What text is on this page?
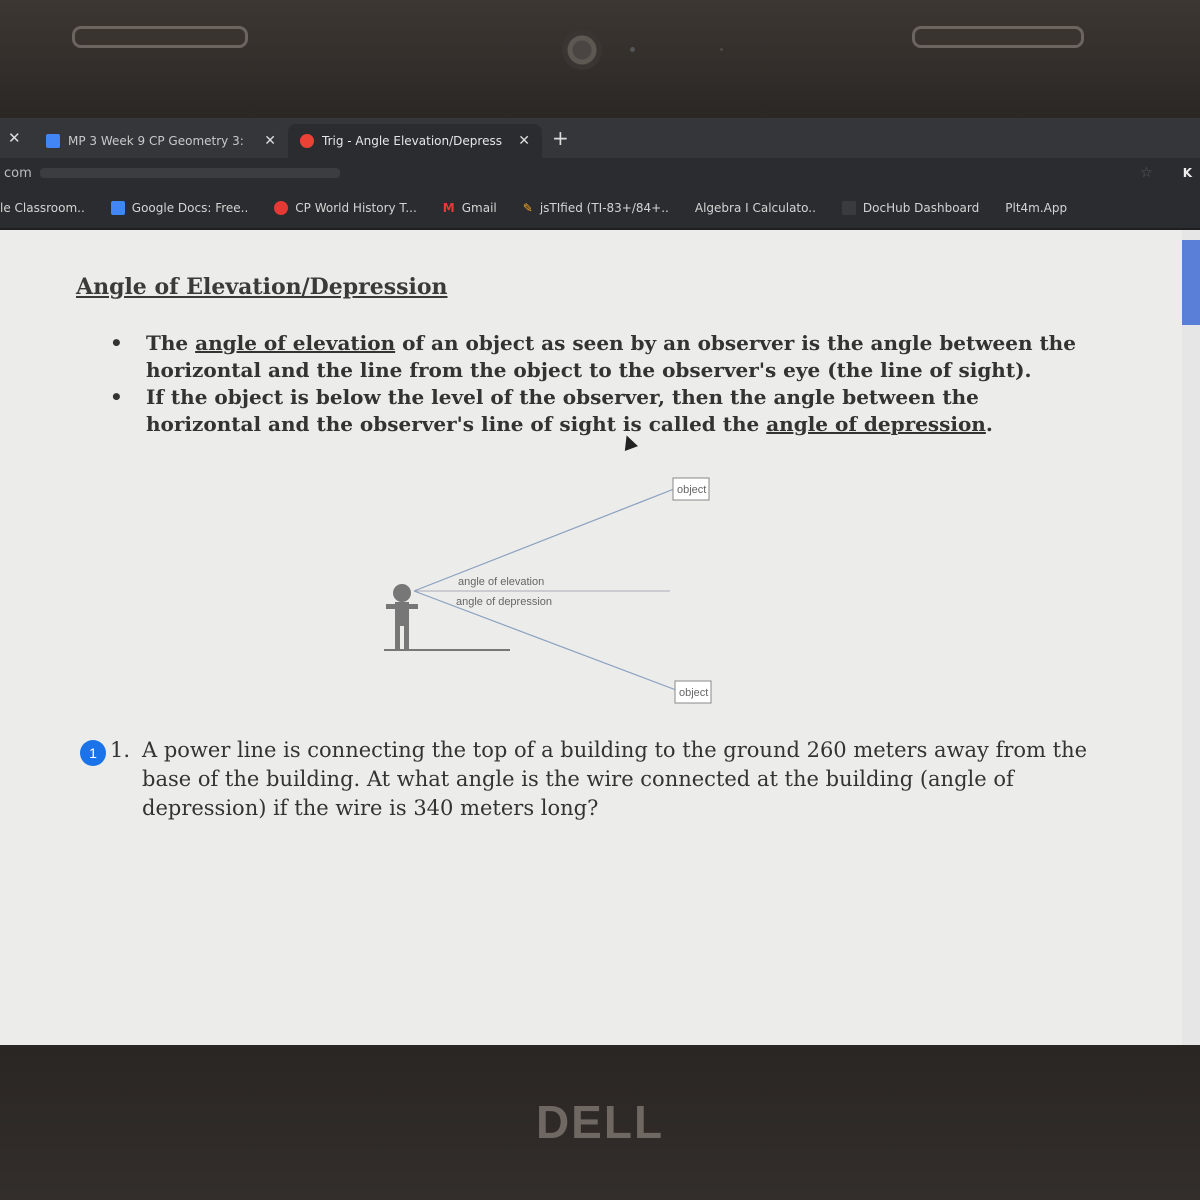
✕	MP 3 Week 9 CP Geometry 3:	✕	Trig - Angle Elevation/Depress	✕ +
com	☆	K
le Classroom..	Google Docs: Free..	CP World History T... M Gmail ✎ jsTIfied (TI-83+/84+.. Algebra I Calculato..	DocHub Dashboard Plt4m.App
Angle of Elevation/Depression
• The angle of elevation of an object as seen by an observer is the angle between the horizontal and the line from the object to the observer's eye (the line of sight).
• If the object is below the level of the observer, then the angle between the horizontal and the observer's line of sight is called the angle of depression.
angle of elevation
angle of depression
object
object
1 1. A power line is connecting the top of a building to the ground 260 meters away from the base of the building. At what angle is the wire connected at the building (angle of depression) if the wire is 340 meters long?
DELL
